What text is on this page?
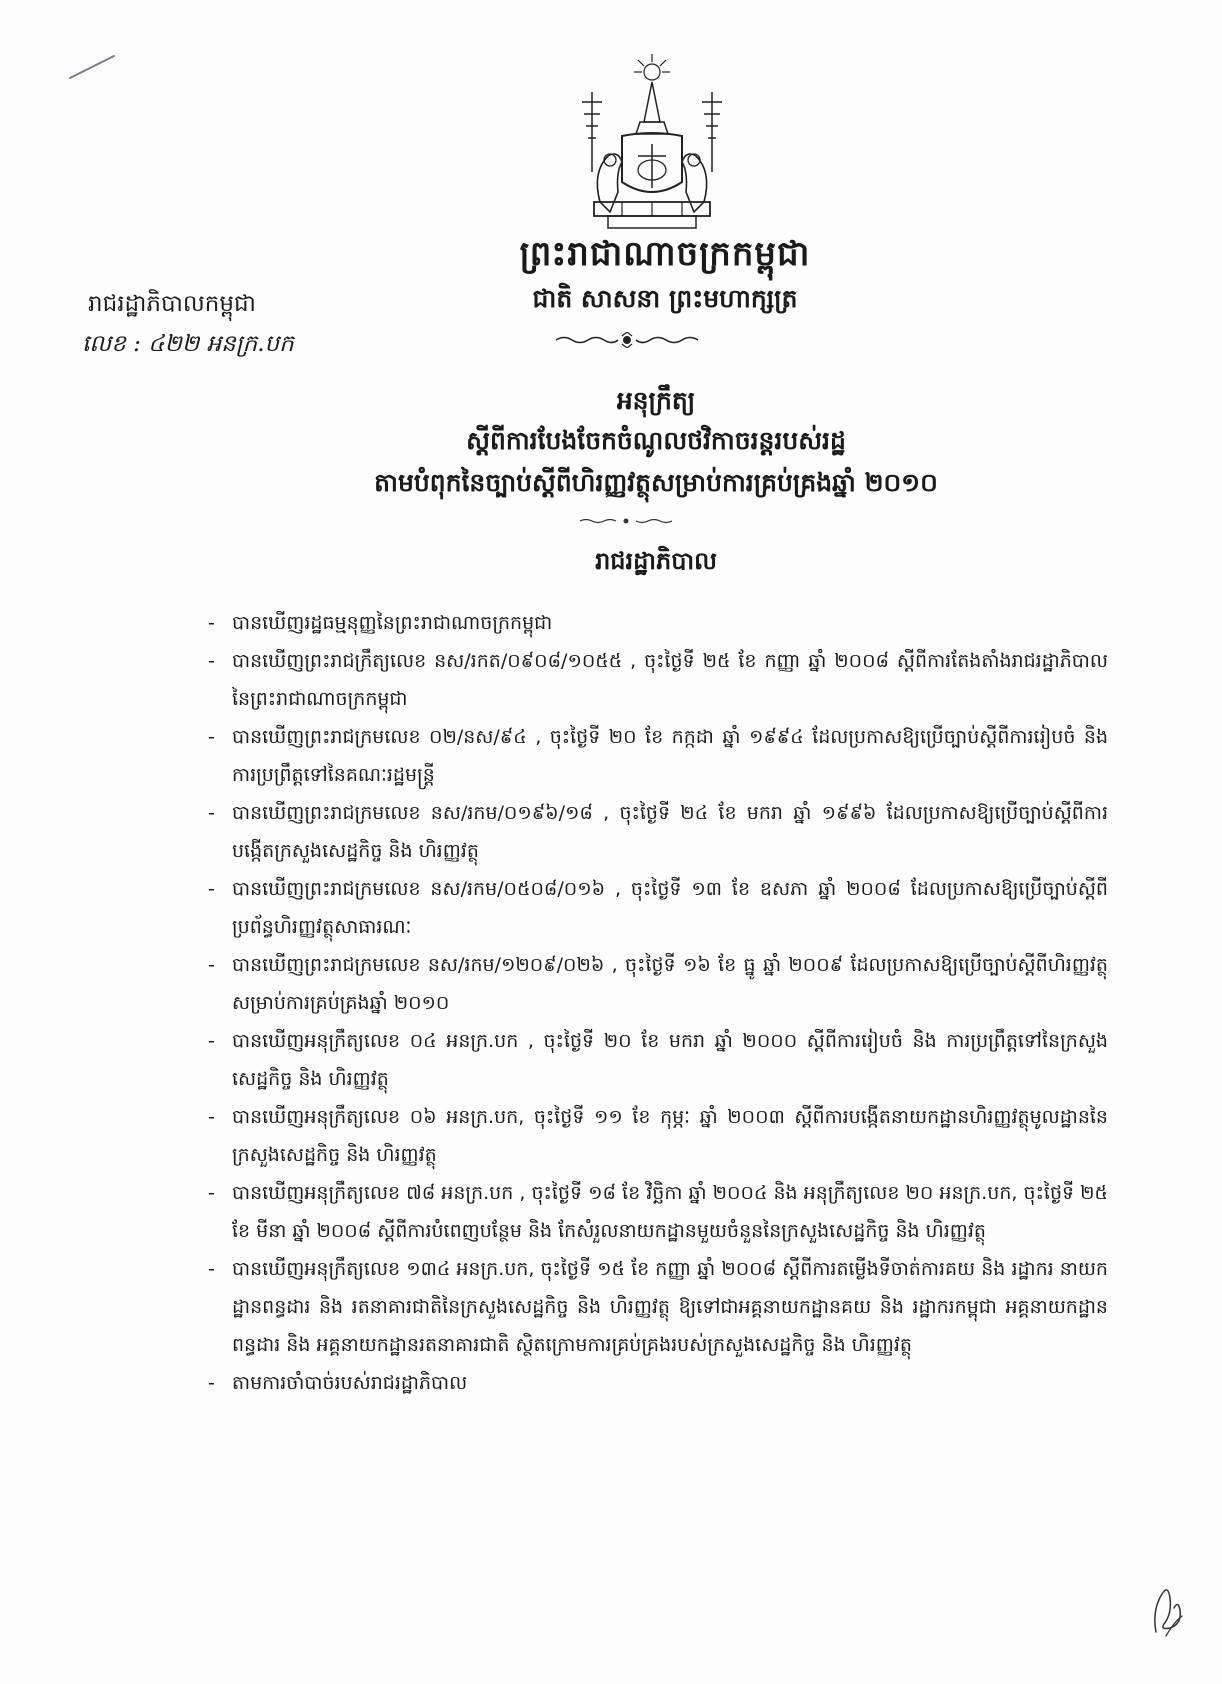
ព្រះរាជាណាចក្រកម្ពុជា
ជាតិ សាសនា ព្រះមហាក្សត្រ
រាជរដ្ឋាភិបាលកម្ពុជា
លេខ : ៤២២ អនក្រ.បក
អនុក្រឹត្យ
ស្តីពីការបែងចែកចំណូលថវិកាចរន្តរបស់រដ្ឋ
តាមបំពុកនៃច្បាប់ស្តីពីហិរញ្ញវត្ថុសម្រាប់ការគ្រប់គ្រងឆ្នាំ ២០១០
រាជរដ្ឋាភិបាល
- បានឃើញរដ្ឋធម្មនុញ្ញនៃព្រះរាជាណាចក្រកម្ពុជា
- បានឃើញព្រះរាជក្រឹត្យលេខ នស/រកត/០៩០៨/១០៥៥ , ចុះថ្ងៃទី ២៥ ខែ កញ្ញា ឆ្នាំ ២០០៨ ស្តីពីការតែងតាំងរាជរដ្ឋាភិបាលនៃព្រះរាជាណាចក្រកម្ពុជា
- បានឃើញព្រះរាជក្រមលេខ ០២/នស/៩៤ , ចុះថ្ងៃទី ២០ ខែ កក្កដា ឆ្នាំ ១៩៩៤ ដែលប្រកាសឱ្យប្រើច្បាប់ស្តីពីការរៀបចំ និង ការប្រព្រឹត្តទៅនៃគណៈរដ្ឋមន្ត្រី
- បានឃើញព្រះរាជក្រមលេខ នស/រកម/០១៩៦/១៨ , ចុះថ្ងៃទី ២៤ ខែ មករា ឆ្នាំ ១៩៩៦ ដែលប្រកាសឱ្យប្រើច្បាប់ស្តីពីការបង្កើតក្រសួងសេដ្ឋកិច្ច និង ហិរញ្ញវត្ថុ
- បានឃើញព្រះរាជក្រមលេខ នស/រកម/០៥០៨/០១៦ , ចុះថ្ងៃទី ១៣ ខែ ឧសភា ឆ្នាំ ២០០៨ ដែលប្រកាសឱ្យប្រើច្បាប់ស្តីពីប្រព័ន្ធហិរញ្ញវត្ថុសាធារណៈ
- បានឃើញព្រះរាជក្រមលេខ នស/រកម/១២០៩/០២៦ , ចុះថ្ងៃទី ១៦ ខែ ធ្នូ ឆ្នាំ ២០០៩ ដែលប្រកាសឱ្យប្រើច្បាប់ស្តីពីហិរញ្ញវត្ថុសម្រាប់ការគ្រប់គ្រងឆ្នាំ ២០១០
- បានឃើញអនុក្រឹត្យលេខ ០៤ អនក្រ.បក , ចុះថ្ងៃទី ២០ ខែ មករា ឆ្នាំ ២០០០ ស្តីពីការរៀបចំ និង ការប្រព្រឹត្តទៅនៃក្រសួងសេដ្ឋកិច្ច និង ហិរញ្ញវត្ថុ
- បានឃើញអនុក្រឹត្យលេខ ០៦ អនក្រ.បក, ចុះថ្ងៃទី ១១ ខែ កុម្ភៈ ឆ្នាំ ២០០៣ ស្តីពីការបង្កើតនាយកដ្ឋានហិរញ្ញវត្ថុមូលដ្ឋាននៃក្រសួងសេដ្ឋកិច្ច និង ហិរញ្ញវត្ថុ
- បានឃើញអនុក្រឹត្យលេខ ៧៨ អនក្រ.បក , ចុះថ្ងៃទី ១៨ ខែ វិច្ឆិកា ឆ្នាំ ២០០៤ និង អនុក្រឹត្យលេខ ២០ អនក្រ.បក, ចុះថ្ងៃទី ២៥ ខែ មីនា ឆ្នាំ ២០០៨ ស្តីពីការបំពេញបន្ថែម និង កែសំរួលនាយកដ្ឋានមួយចំនួននៃក្រសួងសេដ្ឋកិច្ច និង ហិរញ្ញវត្ថុ
- បានឃើញអនុក្រឹត្យលេខ ១៣៤ អនក្រ.បក, ចុះថ្ងៃទី ១៥ ខែ កញ្ញា ឆ្នាំ ២០០៨ ស្តីពីការតម្លើងទីចាត់ការគយ និង រដ្ឋាករ នាយកដ្ឋានពន្ធដារ និង រតនាគារជាតិនៃក្រសួងសេដ្ឋកិច្ច និង ហិរញ្ញវត្ថុ ឱ្យទៅជាអគ្គនាយកដ្ឋានគយ និង រដ្ឋាករកម្ពុជា អគ្គនាយកដ្ឋានពន្ធដារ និង អគ្គនាយកដ្ឋានរតនាគារជាតិ ស្ថិតក្រោមការគ្រប់គ្រងរបស់ក្រសួងសេដ្ឋកិច្ច និង ហិរញ្ញវត្ថុ
- តាមការចាំបាច់របស់រាជរដ្ឋាភិបាល
